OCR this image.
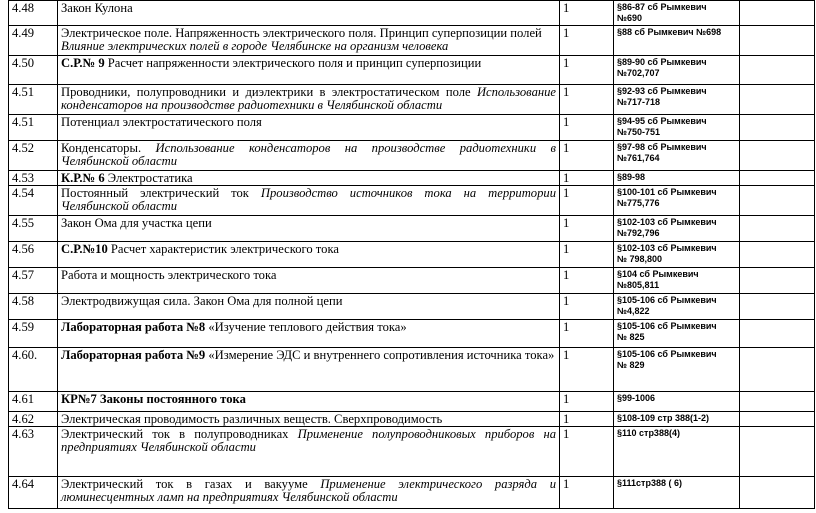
4.48	Закон Кулона	1	§86-87 сб Рымкевич
№690	
4.49	Электрическое поле. Напряженность электрического поля. Принцип суперпозиции полей
Влияние электрических полей в городе Челябинске на организм человека	1	§88 сб Рымкевич №698	
4.50	С.Р.№ 9 Расчет напряженности электрического поля и принцип суперпозиции	1	§89-90 сб Рымкевич
№702,707	
4.51	Проводники, полупроводники и диэлектрики в электростатическом поле Использование
конденсаторов на производстве радиотехники в Челябинской области	1	§92-93 сб Рымкевич
№717-718	
4.51	Потенциал электростатического поля	1	§94-95 сб Рымкевич
№750-751	
4.52	Конденсаторы. Использование конденсаторов на производстве радиотехники в
Челябинской области	1	§97-98 сб Рымкевич
№761,764	
4.53	К.Р.№ 6 Электростатика	1	§89-98	
4.54	Постоянный электрический ток Производство источников тока на территории
Челябинской области	1	§100-101 сб Рымкевич
№775,776	
4.55	Закон Ома для участка цепи	1	§102-103 сб Рымкевич
№792,796	
4.56	С.Р.№10 Расчет характеристик электрического тока	1	§102-103 сб Рымкевич
№ 798,800	
4.57	Работа и мощность электрического тока	1	§104 сб Рымкевич
№805,811	
4.58	Электродвижущая сила. Закон Ома для полной цепи	1	§105-106 сб Рымкевич
№4,822	
4.59	Лабораторная работа №8 «Изучение теплового действия тока»	1	§105-106 сб Рымкевич
№ 825	
4.60.	Лабораторная работа №9 «Измерение ЭДС и внутреннего сопротивления источника тока»	1	§105-106 сб Рымкевич
№ 829	
4.61	КР№7 Законы постоянного тока	1	§99-1006	
4.62	Электрическая проводимость различных веществ. Сверхпроводимость	1	§108-109 стр 388(1-2)	
4.63	Электрический ток в полупроводниках Применение полупроводниковых приборов на
предприятиях Челябинской области	1	§110 стр388(4)	
4.64	Электрический ток в газах и вакууме Применение электрического разряда и
люминесцентных ламп на предприятиях Челябинской области	1	§111стр388 ( 6)	
